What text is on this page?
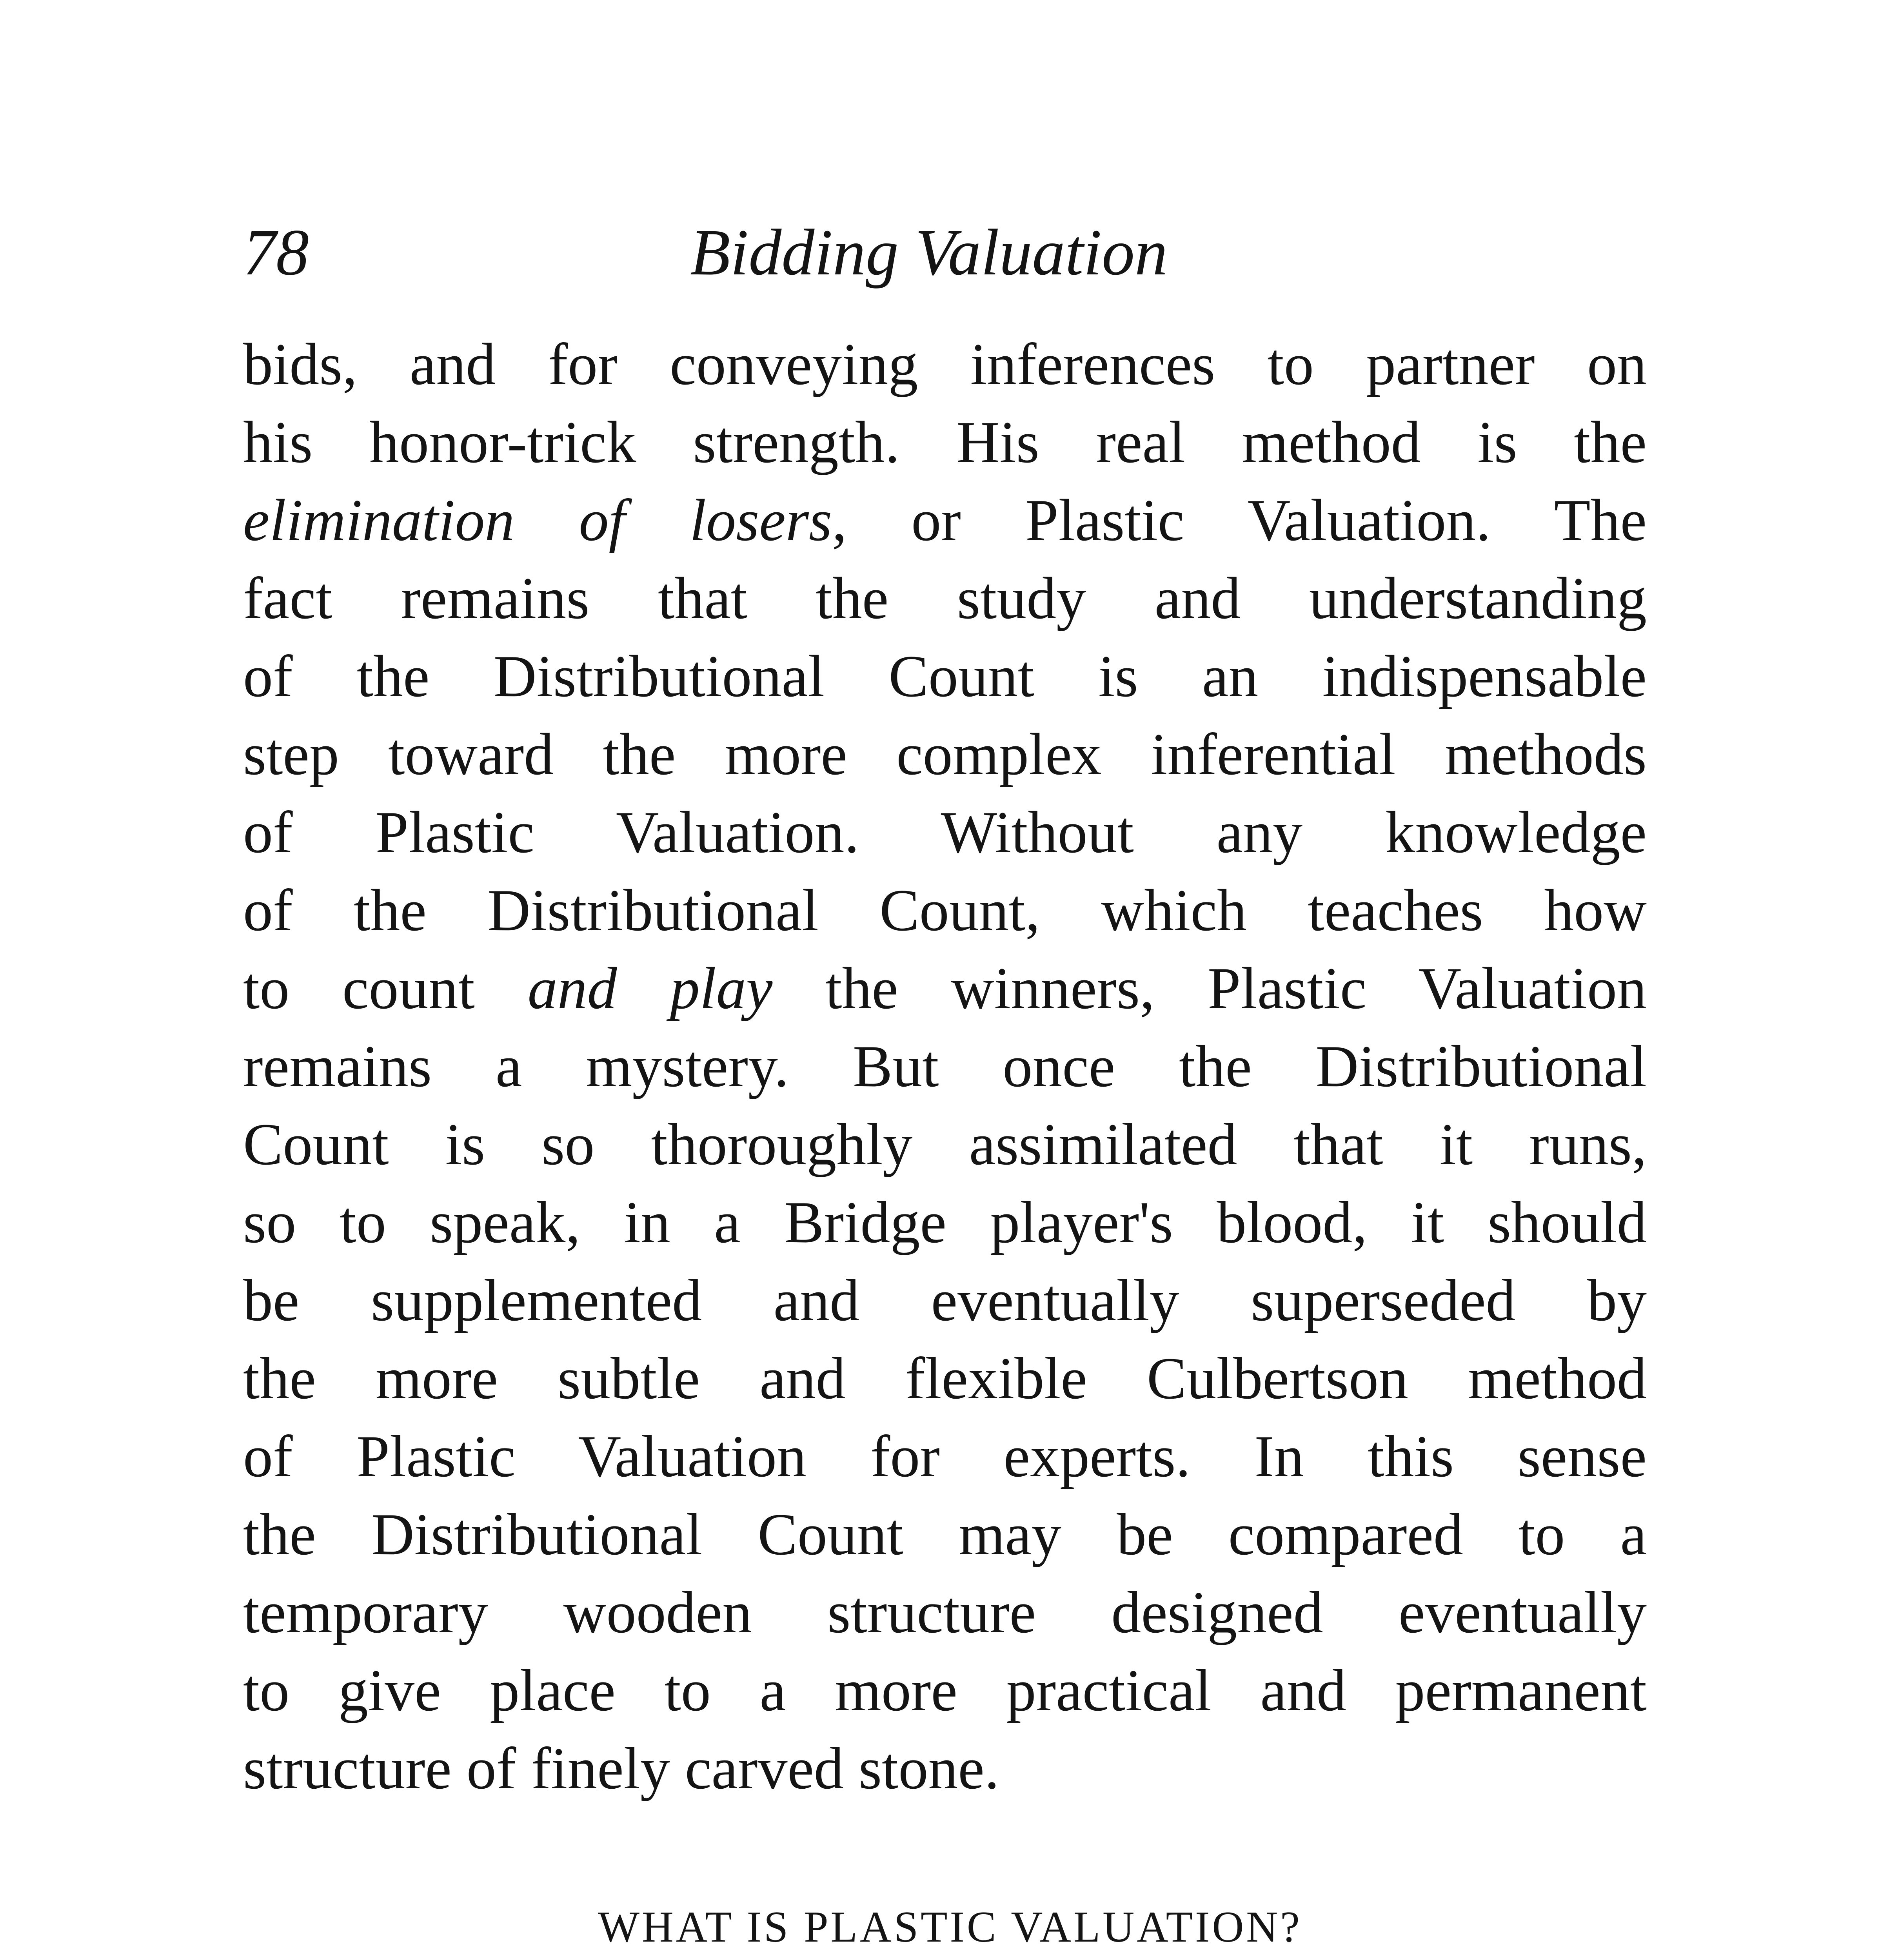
78	Bidding Valuation
bids, and for conveying inferences to partner on
his honor-trick strength. His real method is the
elimination of losers, or Plastic Valuation. The
fact remains that the study and understanding
of the Distributional Count is an indispensable
step toward the more complex inferential methods
of Plastic Valuation. Without any knowledge
of the Distributional Count, which teaches how
to count and play the winners, Plastic Valuation
remains a mystery. But once the Distributional
Count is so thoroughly assimilated that it runs,
so to speak, in a Bridge player's blood, it should
be supplemented and eventually superseded by
the more subtle and flexible Culbertson method
of Plastic Valuation for experts. In this sense
the Distributional Count may be compared to a
temporary wooden structure designed eventually
to give place to a more practical and permanent
structure of finely carved stone.
WHAT IS PLASTIC VALUATION?
